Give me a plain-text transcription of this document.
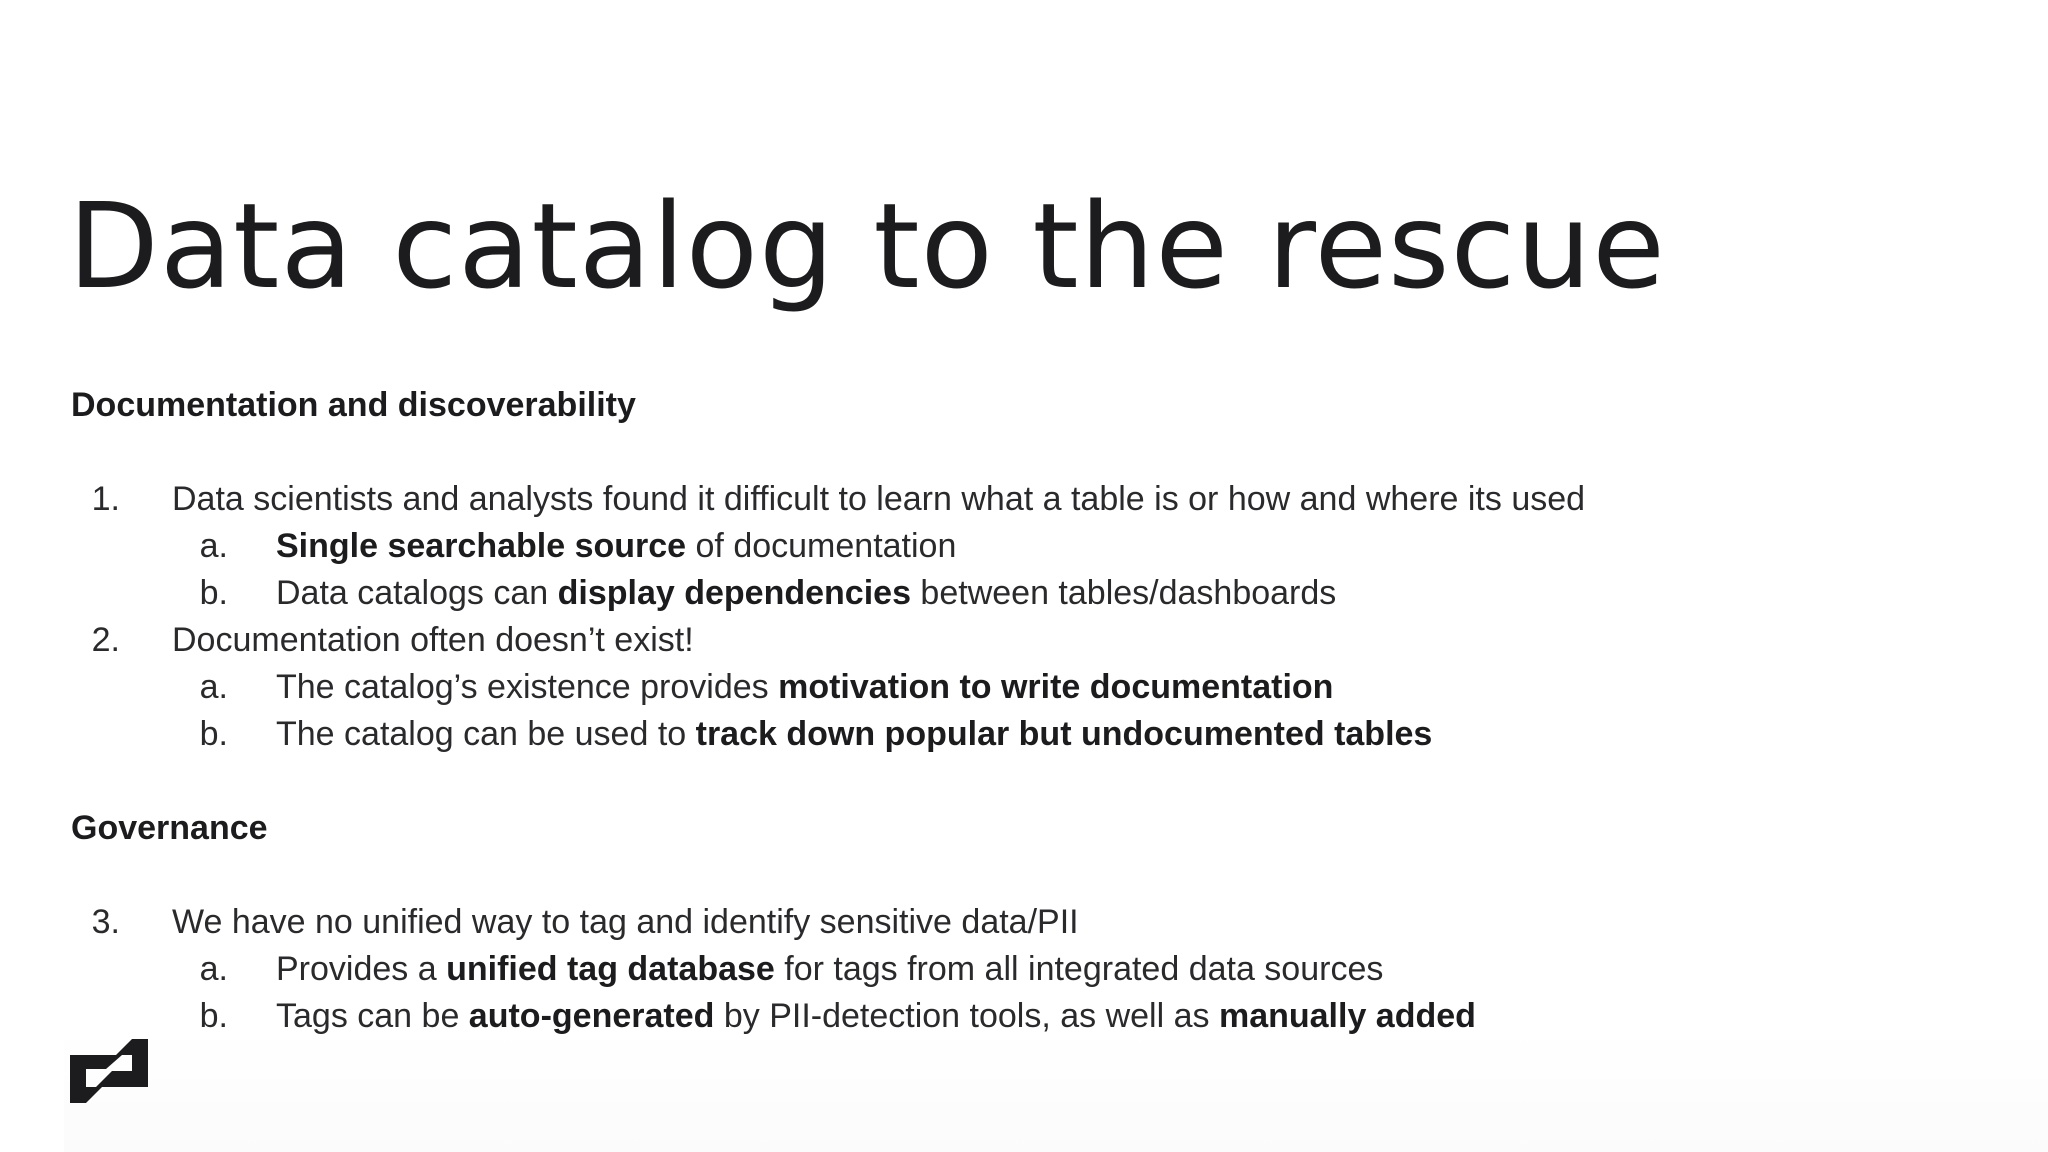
Data catalog to the rescue
Documentation and discoverability
1. Data scientists and analysts found it difficult to learn what a table is or how and where its used
a. Single searchable source of documentation
b. Data catalogs can display dependencies between tables/dashboards
2. Documentation often doesn’t exist!
a. The catalog’s existence provides motivation to write documentation
b. The catalog can be used to track down popular but undocumented tables
Governance
3. We have no unified way to tag and identify sensitive data/PII
a. Provides a unified tag database for tags from all integrated data sources
b. Tags can be auto-generated by PII-detection tools, as well as manually added
